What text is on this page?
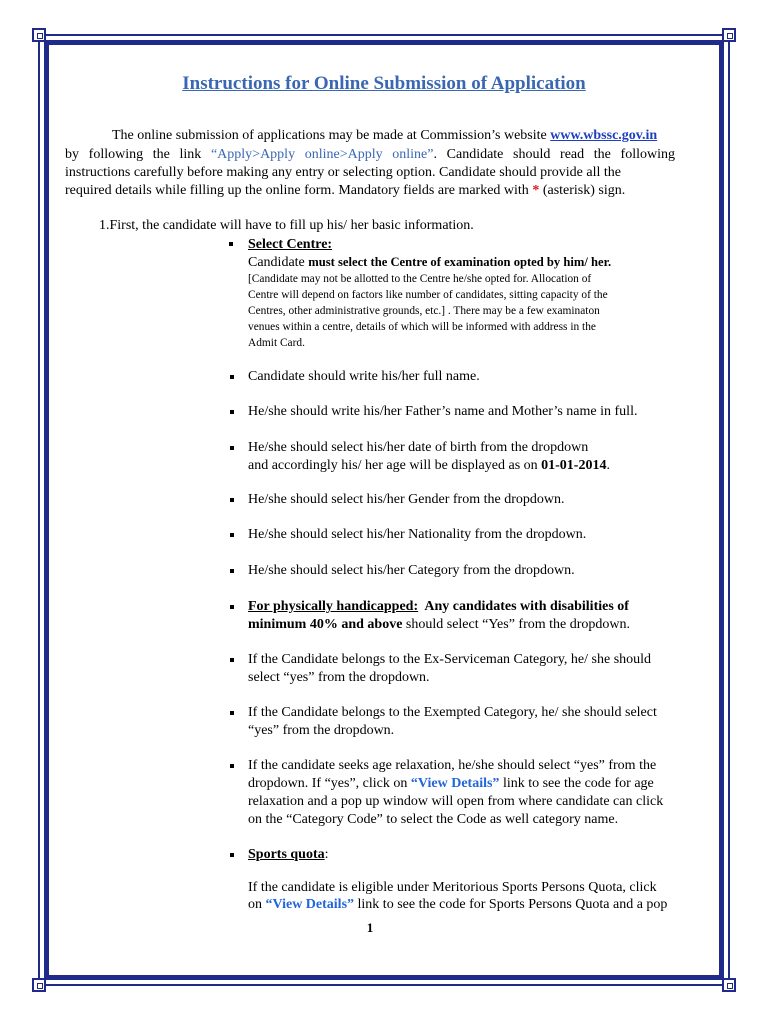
Instructions for Online Submission of Application
The online submission of applications may be made at Commission’s website www.wbssc.gov.in
by following the link “Apply>Apply online>Apply online”. Candidate should read the following
instructions carefully before making any entry or selecting option. Candidate should provide all the
required details while filling up the online form. Mandatory fields are marked with * (asterisk) sign.
1.First, the candidate will have to fill up his/ her basic information.
Select Centre:
Candidate must select the Centre of examination opted by him/ her.
[Candidate may not be allotted to the Centre he/she opted for. Allocation of
Centre will depend on factors like number of candidates, sitting capacity of the
Centres, other administrative grounds, etc.] . There may be a few examinaton
venues within a centre, details of which will be informed with address in the
Admit Card.
Candidate should write his/her full name.
He/she should write his/her Father’s name and Mother’s name in full.
He/she should select his/her date of birth from the dropdown
and accordingly his/ her age will be displayed as on 01-01-2014.
He/she should select his/her Gender from the dropdown.
He/she should select his/her Nationality from the dropdown.
He/she should select his/her Category from the dropdown.
For physically handicapped:  Any candidates with disabilities of
minimum 40% and above should select “Yes” from the dropdown.
If the Candidate belongs to the Ex-Serviceman Category, he/ she should
select “yes” from the dropdown.
If the Candidate belongs to the Exempted Category, he/ she should select
“yes” from the dropdown.
If the candidate seeks age relaxation, he/she should select “yes” from the
dropdown. If “yes”, click on “View Details” link to see the code for age
relaxation and a pop up window will open from where candidate can click
on the “Category Code” to select the Code as well category name.
Sports quota:
If the candidate is eligible under Meritorious Sports Persons Quota, click
on “View Details” link to see the code for Sports Persons Quota and a pop
1
